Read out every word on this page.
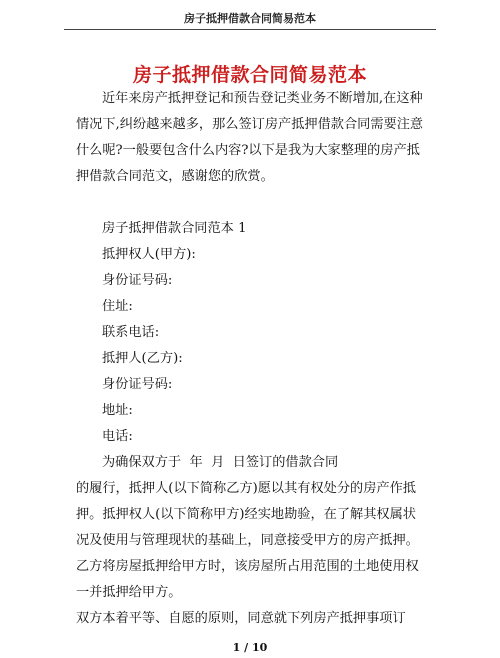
房子抵押借款合同简易范本
房子抵押借款合同简易范本

近年来房产抵押登记和预告登记类业务不断增加,在这种情况下,纠纷越来越多，那么签订房产抵押借款合同需要注意什么呢?一般要包含什么内容?以下是我为大家整理的房产抵押借款合同范文，感谢您的欣赏。

房子抵押借款合同范本 1

抵押权人(甲方):

身份证号码:

住址:

联系电话:

抵押人(乙方):

身份证号码:

地址:

电话:

为确保双方于  年  月  日签订的借款合同

的履行，抵押人(以下简称乙方)愿以其有权处分的房产作抵押。抵押权人(以下简称甲方)经实地勘验，在了解其权属状况及使用与管理现状的基础上，同意接受甲方的房产抵押。乙方将房屋抵押给甲方时，该房屋所占用范围的土地使用权一并抵押给甲方。

双方本着平等、自愿的原则，同意就下列房产抵押事项订

1 / 10
